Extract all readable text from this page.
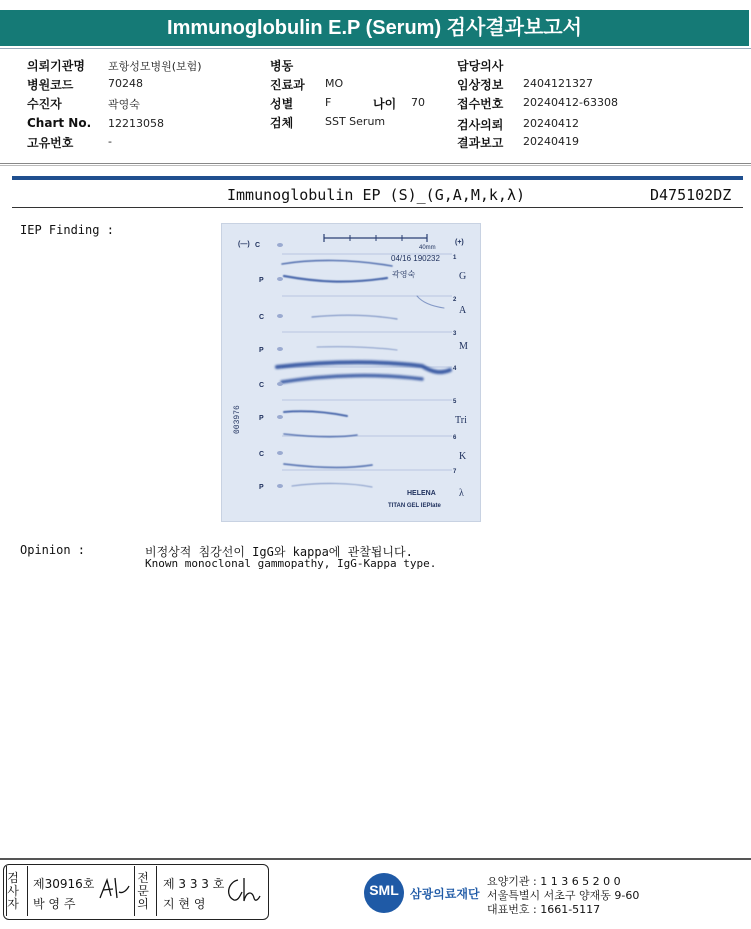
Immunoglobulin E.P (Serum) 검사결과보고서
의뢰기관명 포항성모병원(보험)
병원코드	70248
수진자	곽영숙
Chart No. 12213058
고유번호	-
병동
진료과 MO
성별	F	나이 70
검체	SST Serum
담당의사
임상정보 2404121327
접수번호 20240412-63308
검사의뢰 20240412
결과보고 20240419
Immunoglobulin EP (S)_(G,A,M,k,λ)	D475102DZ
IEP Finding :
(—) C
P
C
P
C
P
C
P
(+)
40mm
04/16 190232
곽영숙
1
2
3
4
5
6
7
G
A
M
Tri
K
λ
003976
HELENA
TITAN GEL IEPlate
Opinion :	비정상적 침강선이 IgG와 kappa에 관찰됩니다.
Known monoclonal gammopathy, IgG-Kappa type.
검사자
제30916호
박 영 주
전문의
제 3 3 3 호
지 현 영
SML 삼광의료재단
요양기관 : 1 1 3 6 5 2 0 0
서울특별시 서초구 양재동 9-60
대표번호 : 1661-5117
